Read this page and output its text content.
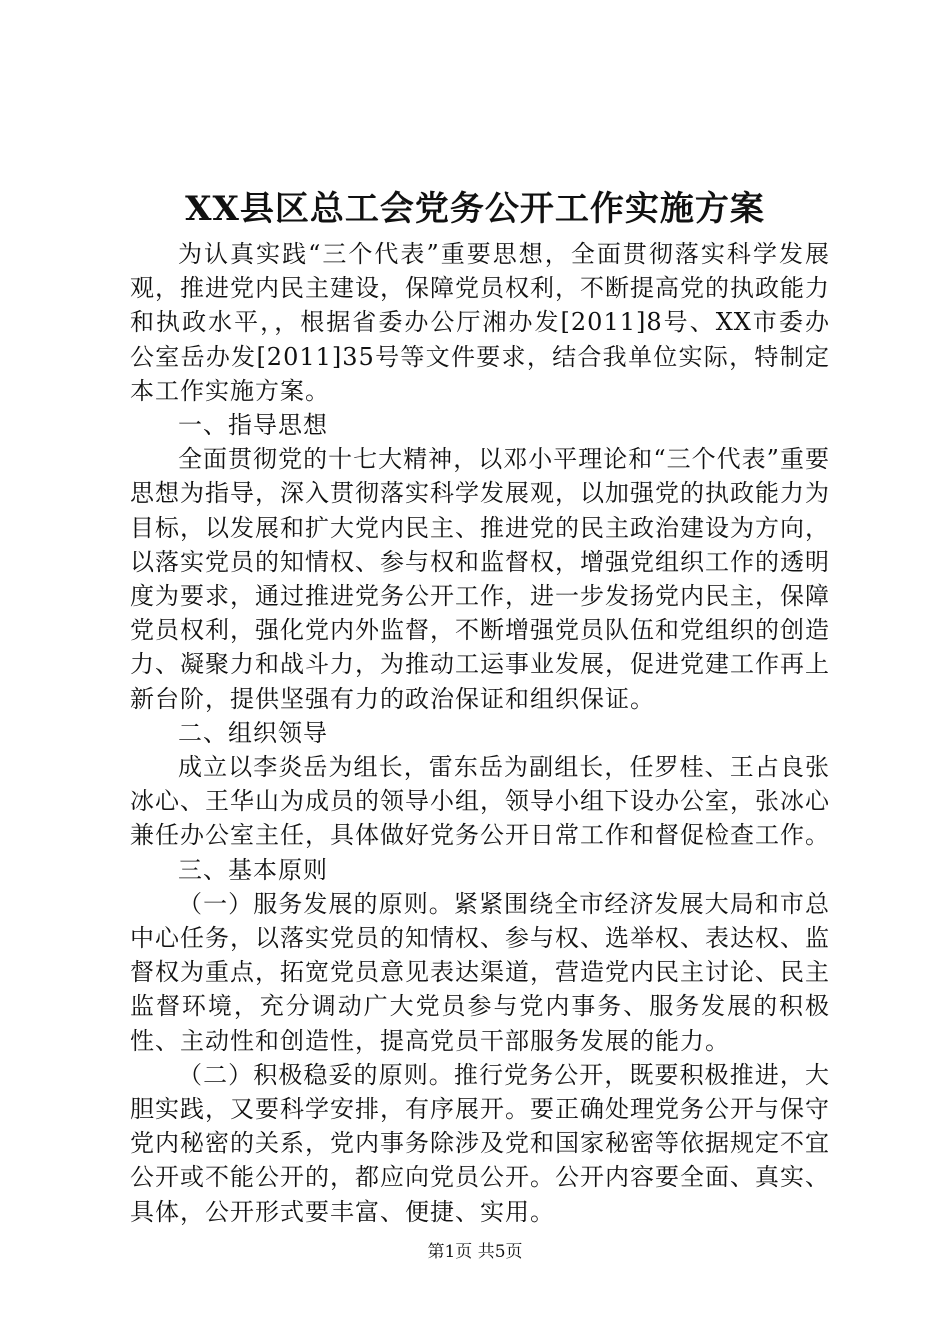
XX县区总工会党务公开工作实施方案

为认真实践“三个代表”重要思想，全面贯彻落实科学发展观，推进党内民主建设，保障党员权利，不断提高党的执政能力和执政水平，，根据省委办公厅湘办发[2011]8号、XX市委办公室岳办发[2011]35号等文件要求，结合我单位实际，特制定本工作实施方案。

一、指导思想

全面贯彻党的十七大精神，以邓小平理论和“三个代表”重要思想为指导，深入贯彻落实科学发展观，以加强党的执政能力为目标，以发展和扩大党内民主、推进党的民主政治建设为方向，以落实党员的知情权、参与权和监督权，增强党组织工作的透明度为要求，通过推进党务公开工作，进一步发扬党内民主，保障党员权利，强化党内外监督，不断增强党员队伍和党组织的创造力、凝聚力和战斗力，为推动工运事业发展，促进党建工作再上新台阶，提供坚强有力的政治保证和组织保证。

二、组织领导

成立以李炎岳为组长，雷东岳为副组长，任罗桂、王占良张冰心、王华山为成员的领导小组，领导小组下设办公室，张冰心兼任办公室主任，具体做好党务公开日常工作和督促检查工作。

三、基本原则

（一）服务发展的原则。紧紧围绕全市经济发展大局和市总中心任务，以落实党员的知情权、参与权、选举权、表达权、监督权为重点，拓宽党员意见表达渠道，营造党内民主讨论、民主监督环境，充分调动广大党员参与党内事务、服务发展的积极性、主动性和创造性，提高党员干部服务发展的能力。

（二）积极稳妥的原则。推行党务公开，既要积极推进，大胆实践，又要科学安排，有序展开。要正确处理党务公开与保守党内秘密的关系，党内事务除涉及党和国家秘密等依据规定不宜公开或不能公开的，都应向党员公开。公开内容要全面、真实、具体，公开形式要丰富、便捷、实用。

第1页 共5页
